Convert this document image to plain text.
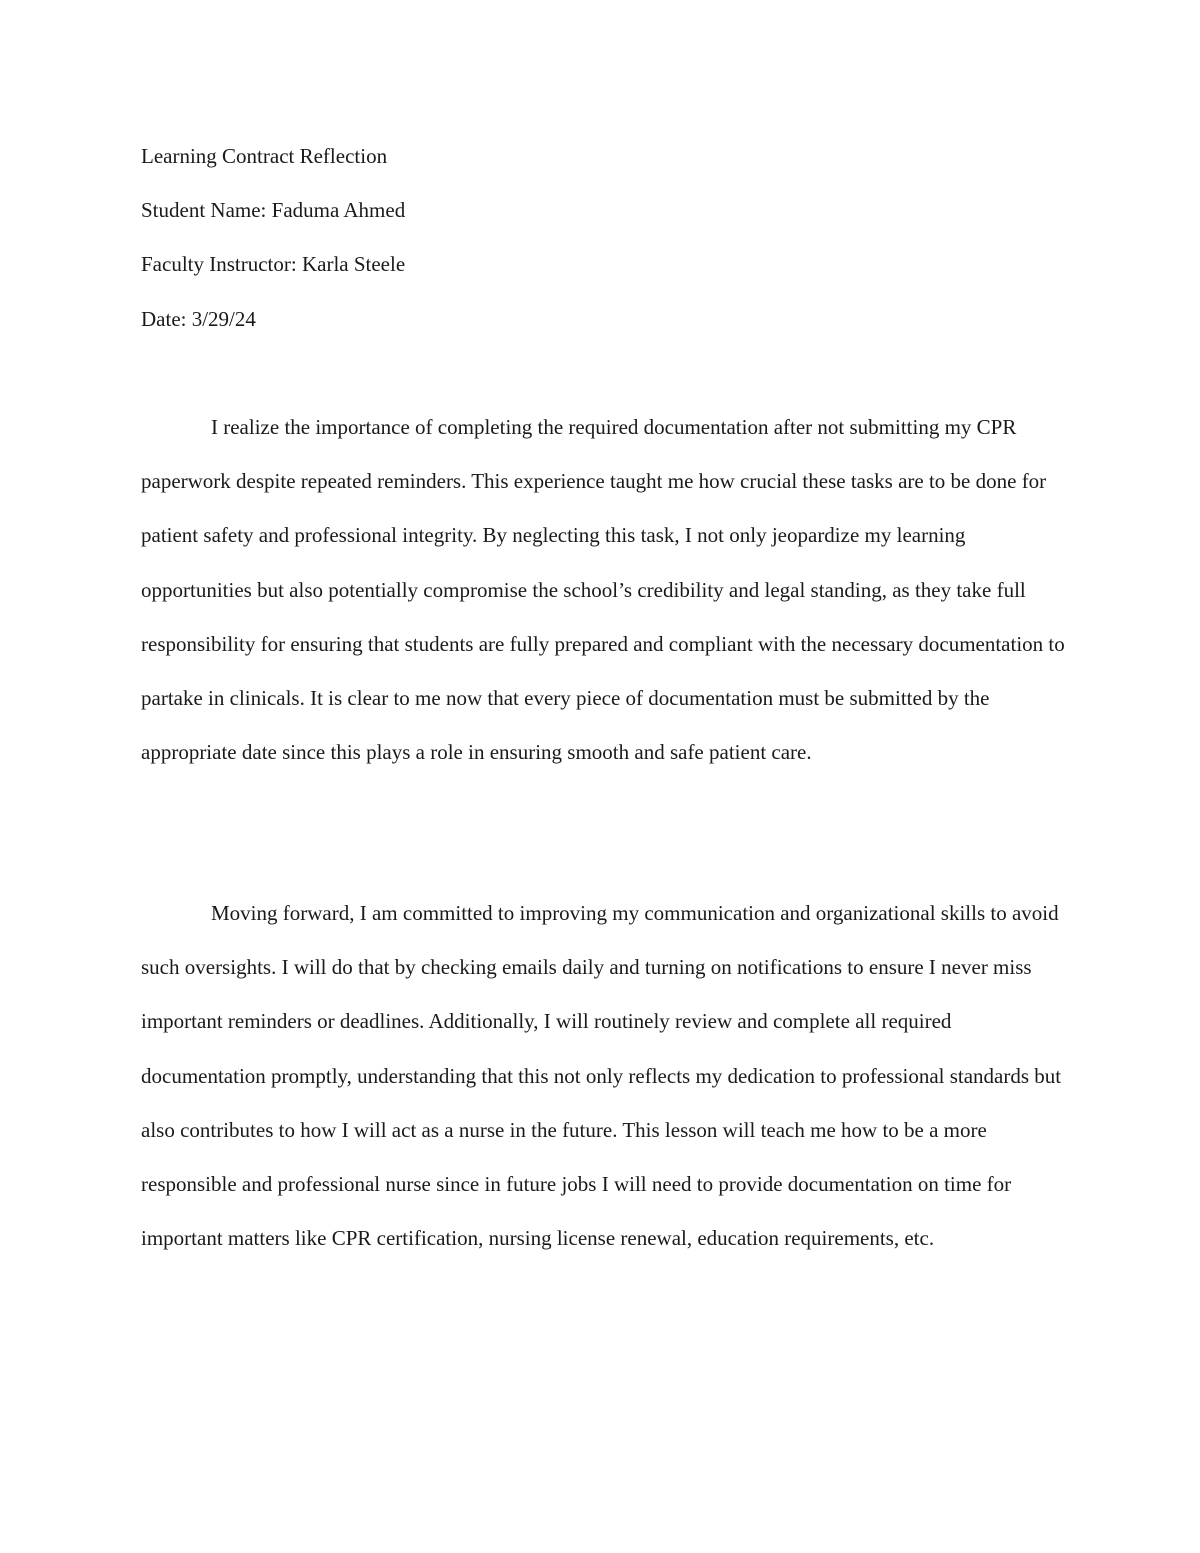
Learning Contract Reflection
Student Name: Faduma Ahmed
Faculty Instructor: Karla Steele
Date: 3/29/24

I realize the importance of completing the required documentation after not submitting my CPR paperwork despite repeated reminders. This experience taught me how crucial these tasks are to be done for patient safety and professional integrity. By neglecting this task, I not only jeopardize my learning opportunities but also potentially compromise the school’s credibility and legal standing, as they take full responsibility for ensuring that students are fully prepared and compliant with the necessary documentation to partake in clinicals. It is clear to me now that every piece of documentation must be submitted by the appropriate date since this plays a role in ensuring smooth and safe patient care.

Moving forward, I am committed to improving my communication and organizational skills to avoid such oversights. I will do that by checking emails daily and turning on notifications to ensure I never miss important reminders or deadlines. Additionally, I will routinely review and complete all required documentation promptly, understanding that this not only reflects my dedication to professional standards but also contributes to how I will act as a nurse in the future. This lesson will teach me how to be a more responsible and professional nurse since in future jobs I will need to provide documentation on time for important matters like CPR certification, nursing license renewal, education requirements, etc.
